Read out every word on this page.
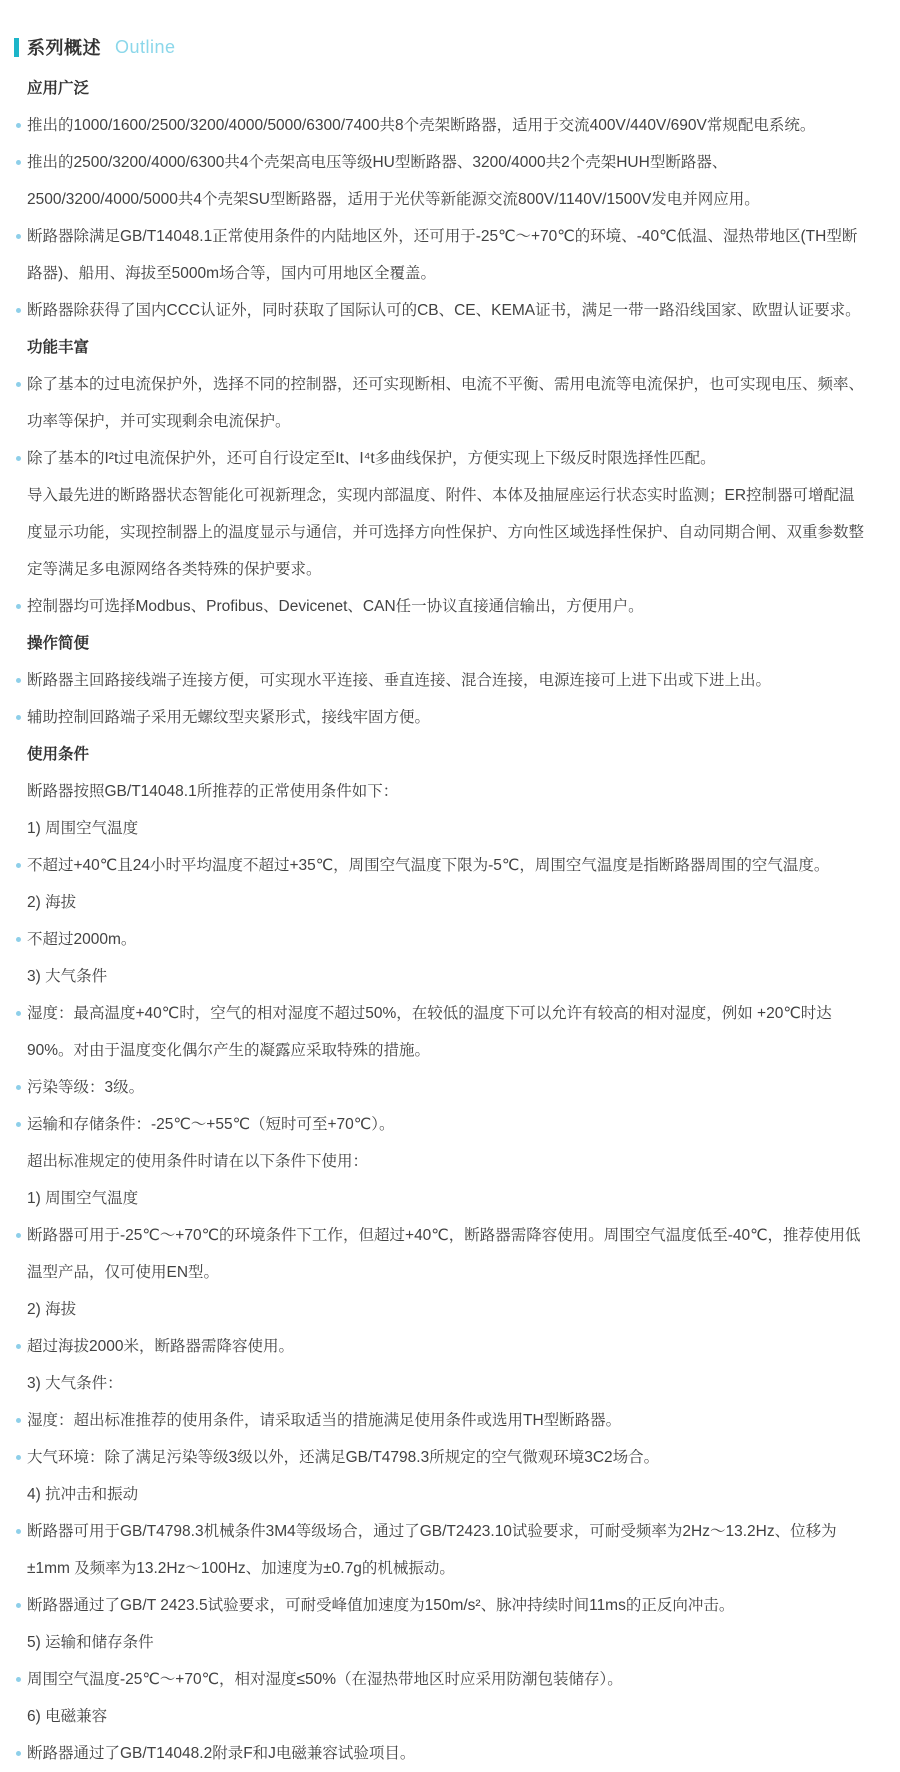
系列概述 Outline
应用广泛
推出的1000/1600/2500/3200/4000/5000/6300/7400共8个壳架断路器，适用于交流400V/440V/690V常规配电系统。
推出的2500/3200/4000/6300共4个壳架高电压等级HU型断路器、3200/4000共2个壳架HUH型断路器、2500/3200/4000/5000共4个壳架SU型断路器，适用于光伏等新能源交流800V/1140V/1500V发电并网应用。
断路器除满足GB/T14048.1正常使用条件的内陆地区外，还可用于-25℃～+70℃的环境、-40℃低温、湿热带地区(TH型断路器)、船用、海拔至5000m场合等，国内可用地区全覆盖。
断路器除获得了国内CCC认证外，同时获取了国际认可的CB、CE、KEMA证书，满足一带一路沿线国家、欧盟认证要求。
功能丰富
除了基本的过电流保护外，选择不同的控制器，还可实现断相、电流不平衡、需用电流等电流保护，也可实现电压、频率、功率等保护，并可实现剩余电流保护。
除了基本的I²t过电流保护外，还可自行设定至It、I⁴t多曲线保护，方便实现上下级反时限选择性匹配。
导入最先进的断路器状态智能化可视新理念，实现内部温度、附件、本体及抽屉座运行状态实时监测；ER控制器可增配温度显示功能，实现控制器上的温度显示与通信，并可选择方向性保护、方向性区域选择性保护、自动同期合闸、双重参数整定等满足多电源网络各类特殊的保护要求。
控制器均可选择Modbus、Profibus、Devicenet、CAN任一协议直接通信输出，方便用户。
操作简便
断路器主回路接线端子连接方便，可实现水平连接、垂直连接、混合连接，电源连接可上进下出或下进上出。
辅助控制回路端子采用无螺纹型夹紧形式，接线牢固方便。
使用条件
断路器按照GB/T14048.1所推荐的正常使用条件如下：
1) 周围空气温度
不超过+40℃且24小时平均温度不超过+35℃，周围空气温度下限为-5℃，周围空气温度是指断路器周围的空气温度。
2) 海拔
不超过2000m。
3) 大气条件
湿度：最高温度+40℃时，空气的相对湿度不超过50%，在较低的温度下可以允许有较高的相对湿度，例如 +20℃时达 90%。对由于温度变化偶尔产生的凝露应采取特殊的措施。
污染等级：3级。
运输和存储条件：-25℃～+55℃（短时可至+70℃）。
超出标准规定的使用条件时请在以下条件下使用：
1) 周围空气温度
断路器可用于-25℃～+70℃的环境条件下工作，但超过+40℃，断路器需降容使用。周围空气温度低至-40℃，推荐使用低温型产品，仅可使用EN型。
2) 海拔
超过海拔2000米，断路器需降容使用。
3) 大气条件：
湿度：超出标准推荐的使用条件，请采取适当的措施满足使用条件或选用TH型断路器。
大气环境：除了满足污染等级3级以外，还满足GB/T4798.3所规定的空气微观环境3C2场合。
4) 抗冲击和振动
断路器可用于GB/T4798.3机械条件3M4等级场合，通过了GB/T2423.10试验要求，可耐受频率为2Hz～13.2Hz、位移为±1mm 及频率为13.2Hz～100Hz、加速度为±0.7g的机械振动。
断路器通过了GB/T 2423.5试验要求，可耐受峰值加速度为150m/s²、脉冲持续时间11ms的正反向冲击。
5) 运输和储存条件
周围空气温度-25℃～+70℃，相对湿度≤50%（在湿热带地区时应采用防潮包装储存）。
6) 电磁兼容
断路器通过了GB/T14048.2附录F和J电磁兼容试验项目。
